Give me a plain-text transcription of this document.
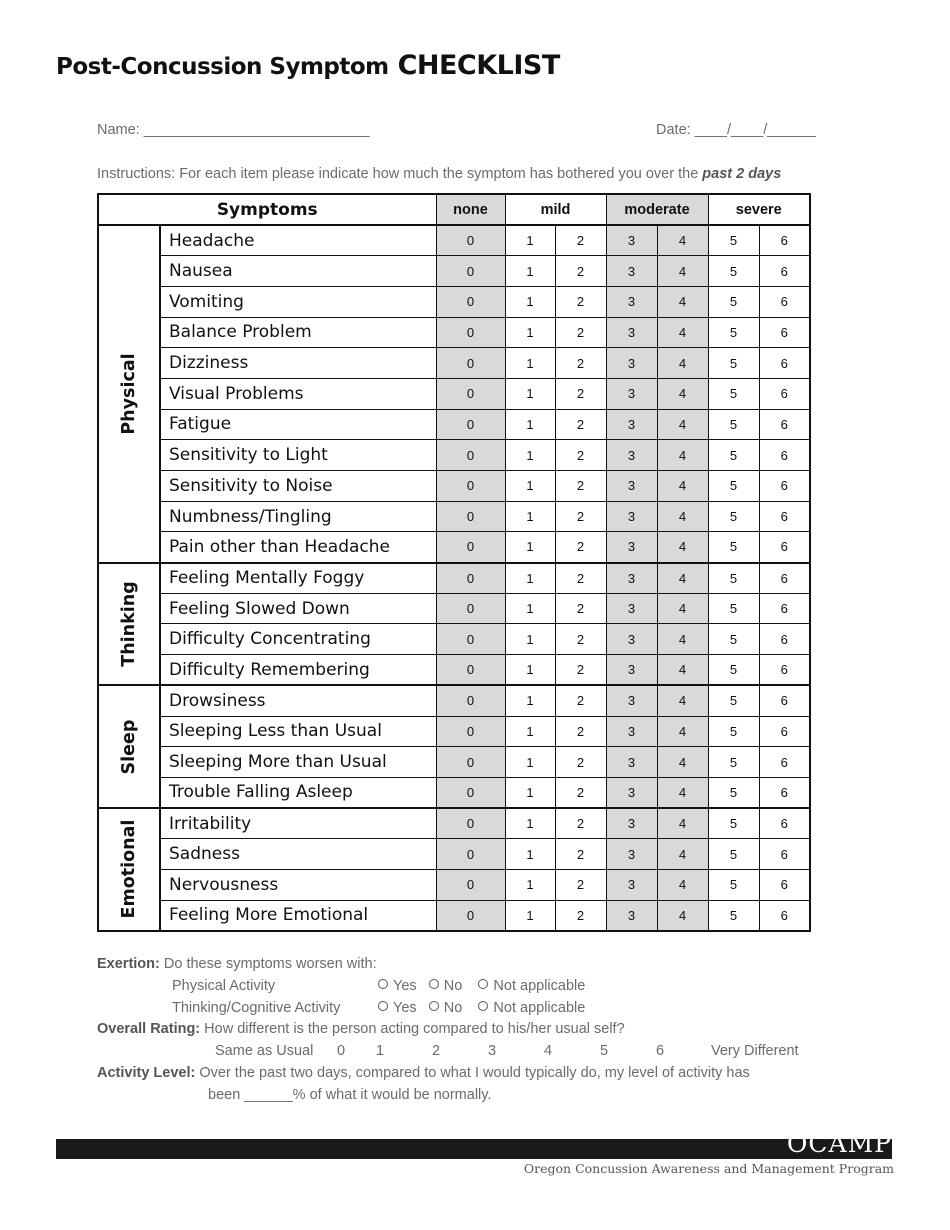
Post-Concussion Symptom CHECKLIST
Name: ____________________________	Date: ____/____/______
Instructions: For each item please indicate how much the symptom has bothered you over the past 2 days
Symptoms		none	mild		moderate		severe	

Physical	Headache	0	1	2	3	4	5	6
	Nausea	0	1	2	3	4	5	6
	Vomiting	0	1	2	3	4	5	6
	Balance Problem	0	1	2	3	4	5	6
	Dizziness	0	1	2	3	4	5	6
	Visual Problems	0	1	2	3	4	5	6
	Fatigue	0	1	2	3	4	5	6
	Sensitivity to Light	0	1	2	3	4	5	6
	Sensitivity to Noise	0	1	2	3	4	5	6
	Numbness/Tingling	0	1	2	3	4	5	6
	Pain other than Headache	0	1	2	3	4	5	6

Thinking	Feeling Mentally Foggy	0	1	2	3	4	5	6
	Feeling Slowed Down	0	1	2	3	4	5	6
	Difficulty Concentrating	0	1	2	3	4	5	6
	Difficulty Remembering	0	1	2	3	4	5	6

Sleep	Drowsiness	0	1	2	3	4	5	6
	Sleeping Less than Usual	0	1	2	3	4	5	6
	Sleeping More than Usual	0	1	2	3	4	5	6
	Trouble Falling Asleep	0	1	2	3	4	5	6

Emotional	Irritability	0	1	2	3	4	5	6
	Sadness	0	1	2	3	4	5	6
	Nervousness	0	1	2	3	4	5	6
	Feeling More Emotional	0	1	2	3	4	5	6
Exertion: Do these symptoms worsen with:
Physical Activity	Yes No Not applicable
Thinking/Cognitive Activity	Yes No Not applicable
Overall Rating: How different is the person acting compared to his/her usual self?
Same as Usual 0 1	2	3	4	5	6	Very Different
Activity Level: Over the past two days, compared to what I would typically do, my level of activity has
been ______% of what it would be normally.
OCAMP
Oregon Concussion Awareness and Management Program
